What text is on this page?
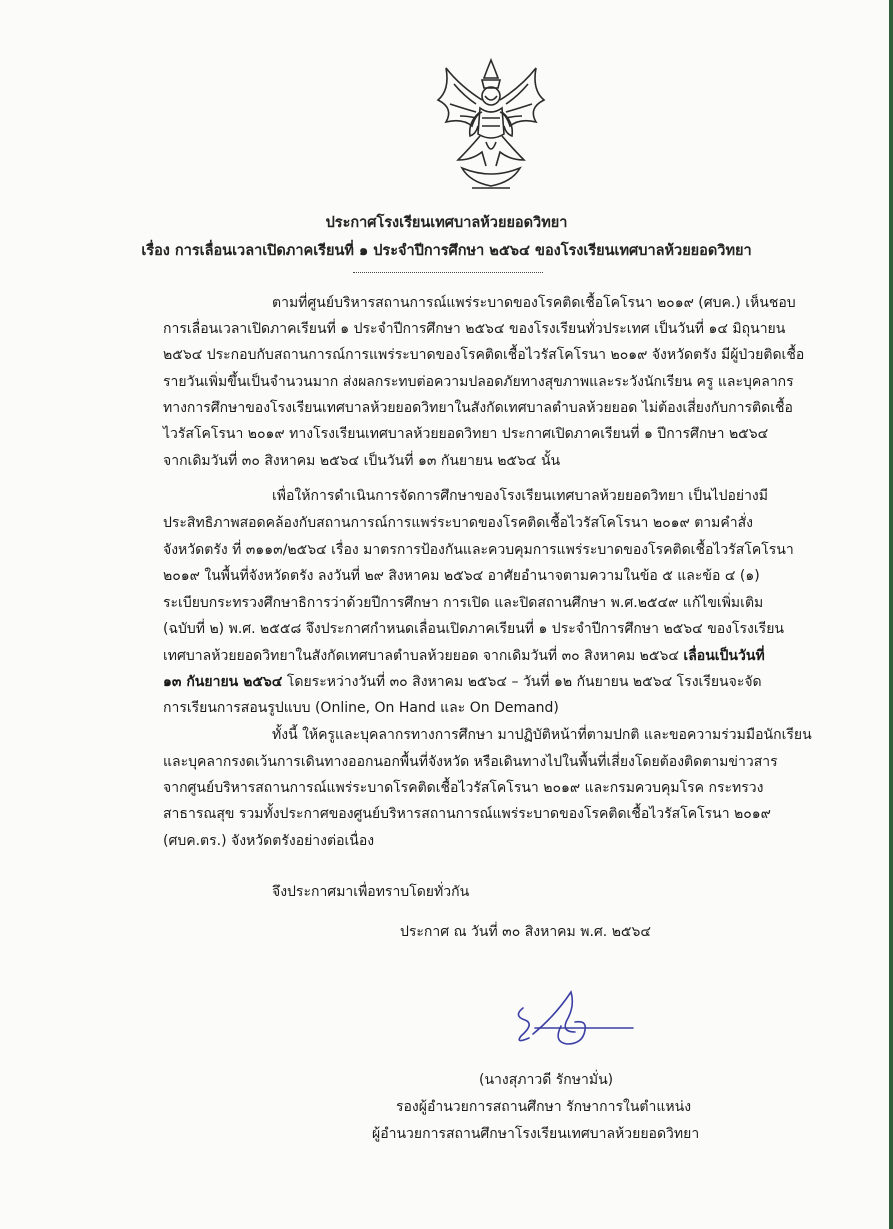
ประกาศโรงเรียนเทศบาลห้วยยอดวิทยา
เรื่อง การเลื่อนเวลาเปิดภาคเรียนที่ ๑ ประจำปีการศึกษา ๒๕๖๔ ของโรงเรียนเทศบาลห้วยยอดวิทยา
ตามที่ศูนย์บริหารสถานการณ์แพร่ระบาดของโรคติดเชื้อโคโรนา ๒๐๑๙ (ศบค.) เห็นชอบ
การเลื่อนเวลาเปิดภาคเรียนที่ ๑ ประจำปีการศึกษา ๒๕๖๔ ของโรงเรียนทั่วประเทศ เป็นวันที่ ๑๔ มิถุนายน
๒๕๖๔ ประกอบกับสถานการณ์การแพร่ระบาดของโรคติดเชื้อไวรัสโคโรนา ๒๐๑๙ จังหวัดตรัง มีผู้ป่วยติดเชื้อ
รายวันเพิ่มขึ้นเป็นจำนวนมาก ส่งผลกระทบต่อความปลอดภัยทางสุขภาพและระวังนักเรียน ครู และบุคลากร
ทางการศึกษาของโรงเรียนเทศบาลห้วยยอดวิทยาในสังกัดเทศบาลตำบลห้วยยอด ไม่ต้องเสี่ยงกับการติดเชื้อ
ไวรัสโคโรนา ๒๐๑๙ ทางโรงเรียนเทศบาลห้วยยอดวิทยา ประกาศเปิดภาคเรียนที่ ๑ ปีการศึกษา ๒๕๖๔
จากเดิมวันที่ ๓๐ สิงหาคม ๒๕๖๔ เป็นวันที่ ๑๓ กันยายน ๒๕๖๔ นั้น
เพื่อให้การดำเนินการจัดการศึกษาของโรงเรียนเทศบาลห้วยยอดวิทยา เป็นไปอย่างมี
ประสิทธิภาพสอดคล้องกับสถานการณ์การแพร่ระบาดของโรคติดเชื้อไวรัสโคโรนา ๒๐๑๙ ตามคำสั่ง
จังหวัดตรัง ที่ ๓๑๑๓/๒๕๖๔ เรื่อง มาตรการป้องกันและควบคุมการแพร่ระบาดของโรคติดเชื้อไวรัสโคโรนา
๒๐๑๙ ในพื้นที่จังหวัดตรัง ลงวันที่ ๒๙ สิงหาคม ๒๕๖๔ อาศัยอำนาจตามความในข้อ ๕ และข้อ ๔ (๑)
ระเบียบกระทรวงศึกษาธิการว่าด้วยปีการศึกษา การเปิด และปิดสถานศึกษา พ.ศ.๒๕๔๙ แก้ไขเพิ่มเติม
(ฉบับที่ ๒) พ.ศ. ๒๕๕๘ จึงประกาศกำหนดเลื่อนเปิดภาคเรียนที่ ๑ ประจำปีการศึกษา ๒๕๖๔ ของโรงเรียน
เทศบาลห้วยยอดวิทยาในสังกัดเทศบาลตำบลห้วยยอด จากเดิมวันที่ ๓๐ สิงหาคม ๒๕๖๔ เลื่อนเป็นวันที่
๑๓ กันยายน ๒๕๖๔ โดยระหว่างวันที่ ๓๐ สิงหาคม ๒๕๖๔ – วันที่ ๑๒ กันยายน ๒๕๖๔ โรงเรียนจะจัด
การเรียนการสอนรูปแบบ (Online, On Hand และ On Demand)
ทั้งนี้ ให้ครูและบุคลากรทางการศึกษา มาปฏิบัติหน้าที่ตามปกติ และขอความร่วมมือนักเรียน
และบุคลากรงดเว้นการเดินทางออกนอกพื้นที่จังหวัด หรือเดินทางไปในพื้นที่เสี่ยงโดยต้องติดตามข่าวสาร
จากศูนย์บริหารสถานการณ์แพร่ระบาดโรคติดเชื้อไวรัสโคโรนา ๒๐๑๙ และกรมควบคุมโรค กระทรวง
สาธารณสุข รวมทั้งประกาศของศูนย์บริหารสถานการณ์แพร่ระบาดของโรคติดเชื้อไวรัสโคโรนา ๒๐๑๙
(ศบค.ตร.) จังหวัดตรังอย่างต่อเนื่อง
จึงประกาศมาเพื่อทราบโดยทั่วกัน
ประกาศ ณ วันที่ ๓๐ สิงหาคม พ.ศ. ๒๕๖๔
(นางสุภาวดี รักษามั่น)
รองผู้อำนวยการสถานศึกษา รักษาการในตำแหน่ง
ผู้อำนวยการสถานศึกษาโรงเรียนเทศบาลห้วยยอดวิทยา
